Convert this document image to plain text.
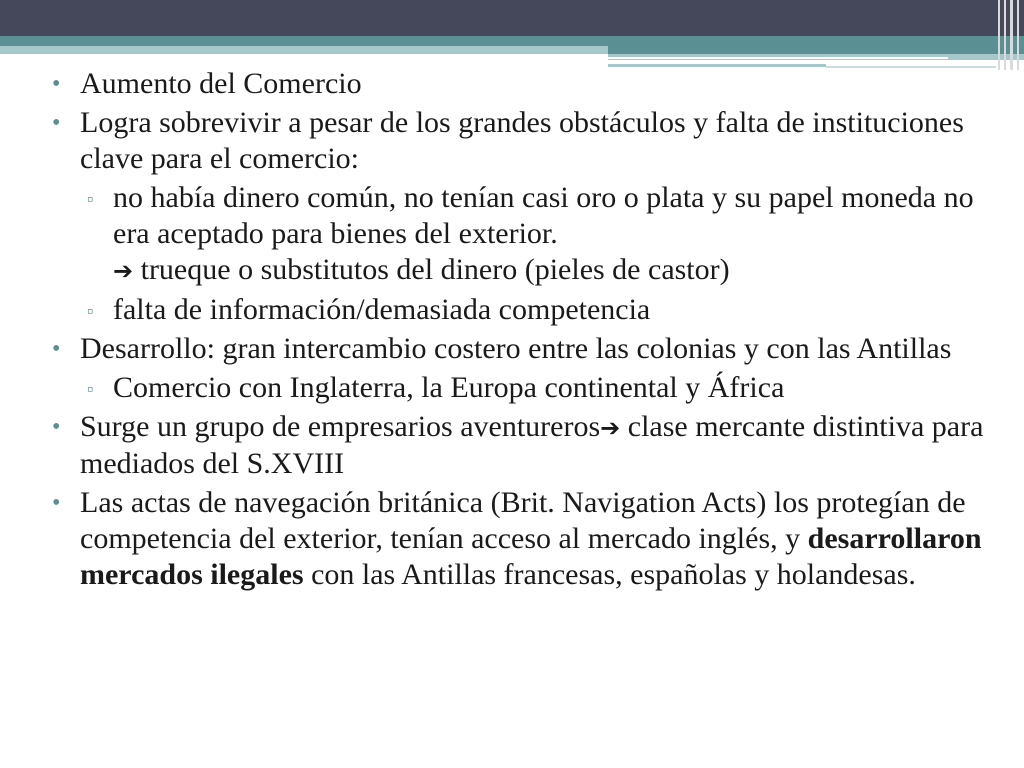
• Aumento del Comercio
• Logra sobrevivir a pesar de los grandes obstáculos y falta de instituciones clave para el comercio:
▫ no había dinero común, no tenían casi oro o plata y su papel moneda no era aceptado para bienes del exterior.
➔ trueque o substitutos del dinero (pieles de castor)
▫ falta de información/demasiada competencia
• Desarrollo: gran intercambio costero entre las colonias y con las Antillas
▫ Comercio con Inglaterra, la Europa continental y África
• Surge un grupo de empresarios aventureros➔ clase mercante distintiva para mediados del S.XVIII
• Las actas de navegación británica (Brit. Navigation Acts) los protegían de competencia del exterior, tenían acceso al mercado inglés, y desarrollaron mercados ilegales con las Antillas francesas, españolas y holandesas.
